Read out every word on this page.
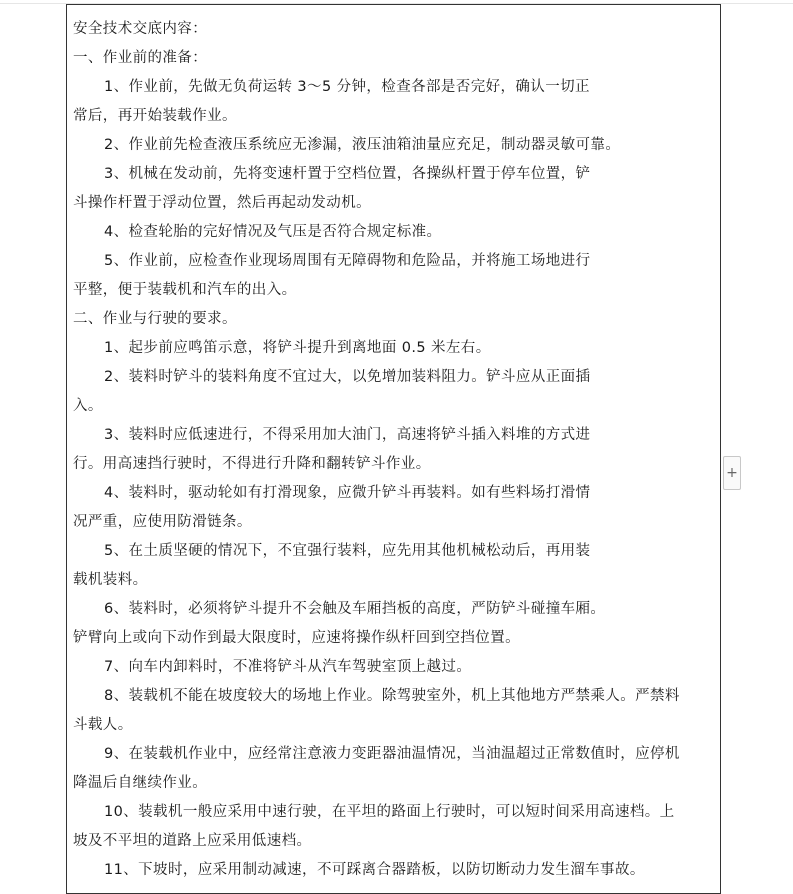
安全技术交底内容：
一、作业前的准备：
1、作业前，先做无负荷运转 3～5 分钟，检查各部是否完好，确认一切正
常后，再开始装载作业。
2、作业前先检查液压系统应无渗漏，液压油箱油量应充足，制动器灵敏可靠。
3、机械在发动前，先将变速杆置于空档位置，各操纵杆置于停车位置，铲
斗操作杆置于浮动位置，然后再起动发动机。
4、检查轮胎的完好情况及气压是否符合规定标准。
5、作业前，应检查作业现场周围有无障碍物和危险品，并将施工场地进行
平整，便于装载机和汽车的出入。
二、作业与行驶的要求。
1、起步前应鸣笛示意，将铲斗提升到离地面 0.5 米左右。
2、装料时铲斗的装料角度不宜过大，以免增加装料阻力。铲斗应从正面插
入。
3、装料时应低速进行，不得采用加大油门，高速将铲斗插入料堆的方式进
行。用高速挡行驶时，不得进行升降和翻转铲斗作业。
4、装料时，驱动轮如有打滑现象，应微升铲斗再装料。如有些料场打滑情
况严重，应使用防滑链条。
5、在土质坚硬的情况下，不宜强行装料，应先用其他机械松动后，再用装
载机装料。
6、装料时，必须将铲斗提升不会触及车厢挡板的高度，严防铲斗碰撞车厢。
铲臂向上或向下动作到最大限度时，应速将操作纵杆回到空挡位置。
7、向车内卸料时，不准将铲斗从汽车驾驶室顶上越过。
8、装载机不能在坡度较大的场地上作业。除驾驶室外，机上其他地方严禁乘人。严禁料
斗载人。
9、在装载机作业中，应经常注意液力变距器油温情况，当油温超过正常数值时，应停机
降温后自继续作业。
10、装载机一般应采用中速行驶，在平坦的路面上行驶时，可以短时间采用高速档。上
坡及不平坦的道路上应采用低速档。
11、下坡时，应采用制动减速，不可踩离合器踏板，以防切断动力发生溜车事故。
+
